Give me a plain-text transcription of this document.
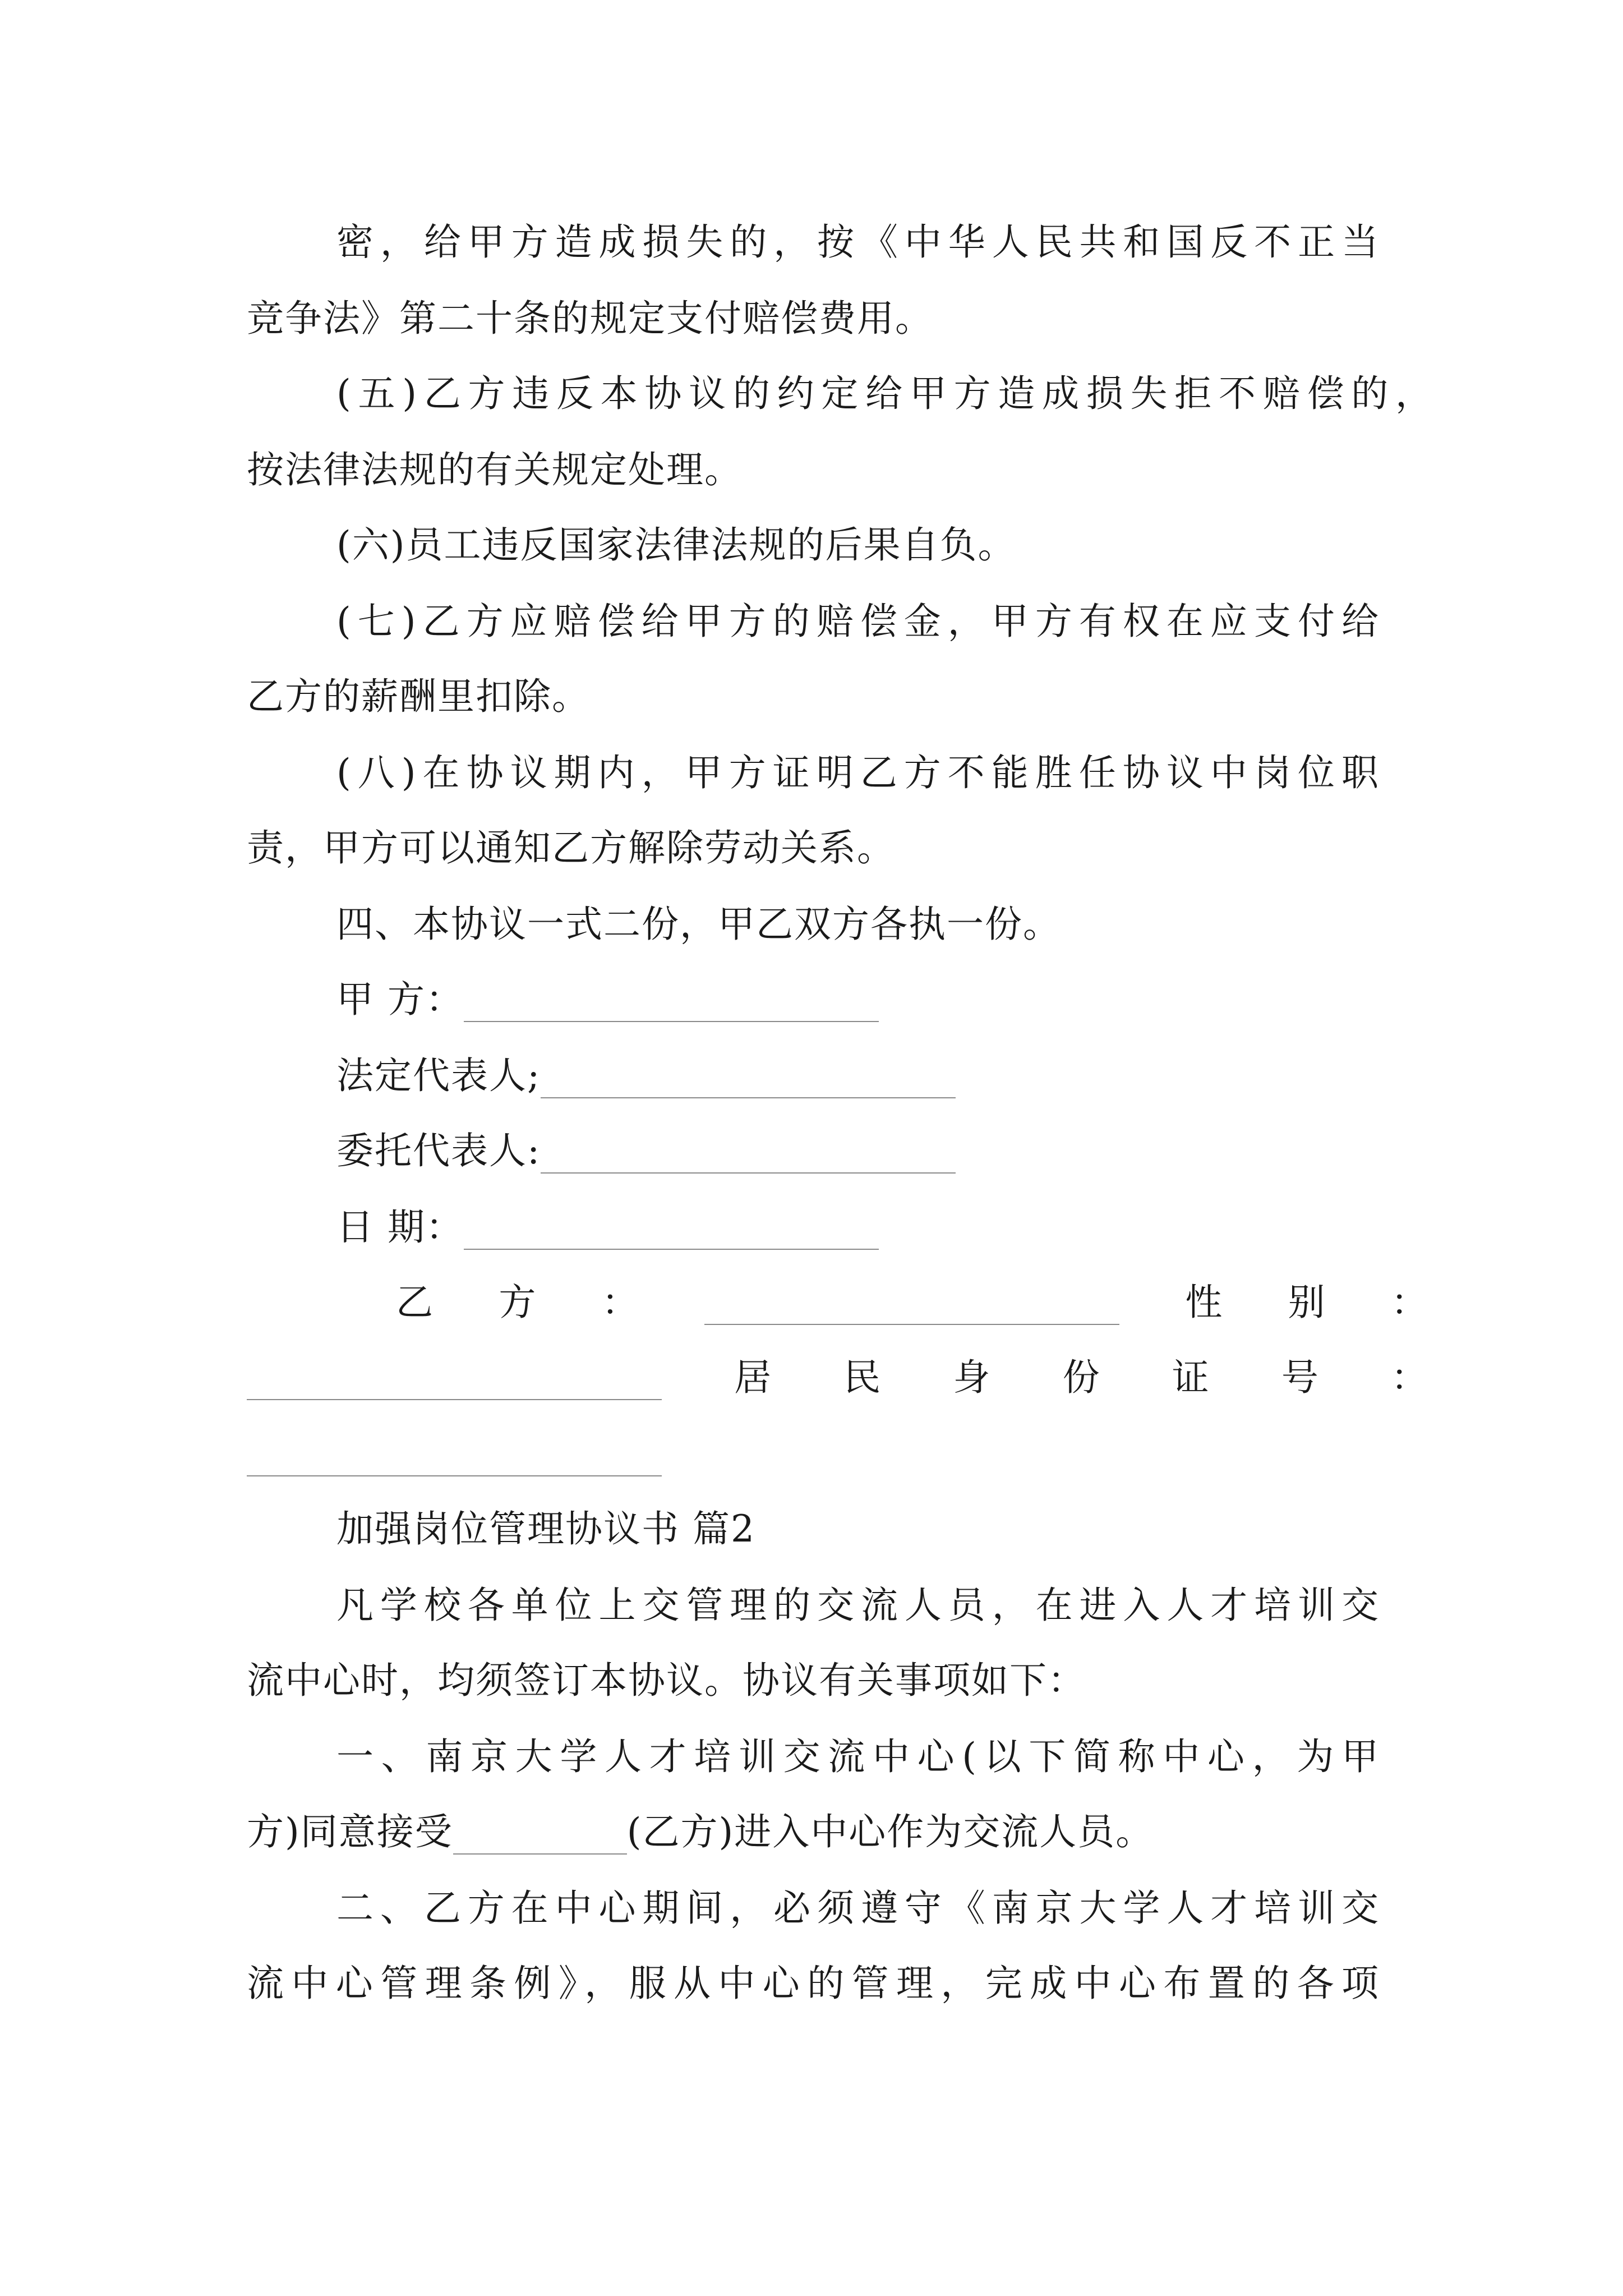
密，给甲方造成损失的，按《中华人民共和国反不正当
竞争法》第二十条的规定支付赔偿费用。
(五)乙方违反本协议的约定给甲方造成损失拒不赔偿的，
按法律法规的有关规定处理。
(六)员工违反国家法律法规的后果自负。
(七)乙方应赔偿给甲方的赔偿金，甲方有权在应支付给
乙方的薪酬里扣除。
(八)在协议期内，甲方证明乙方不能胜任协议中岗位职
责，甲方可以通知乙方解除劳动关系。
四、本协议一式二份，甲乙双方各执一份。
甲 方：
法定代表人;
委托代表人:
日 期：
乙 方 ：	性 别 ：
居 民 身 份 证 号 ：
加强岗位管理协议书 篇2
凡学校各单位上交管理的交流人员，在进入人才培训交
流中心时，均须签订本协议。协议有关事项如下：
一、南京大学人才培训交流中心(以下简称中心，为甲
方)同意接受	(乙方)进入中心作为交流人员。
二、乙方在中心期间，必须遵守《南京大学人才培训交
流中心管理条例》，服从中心的管理，完成中心布置的各项
